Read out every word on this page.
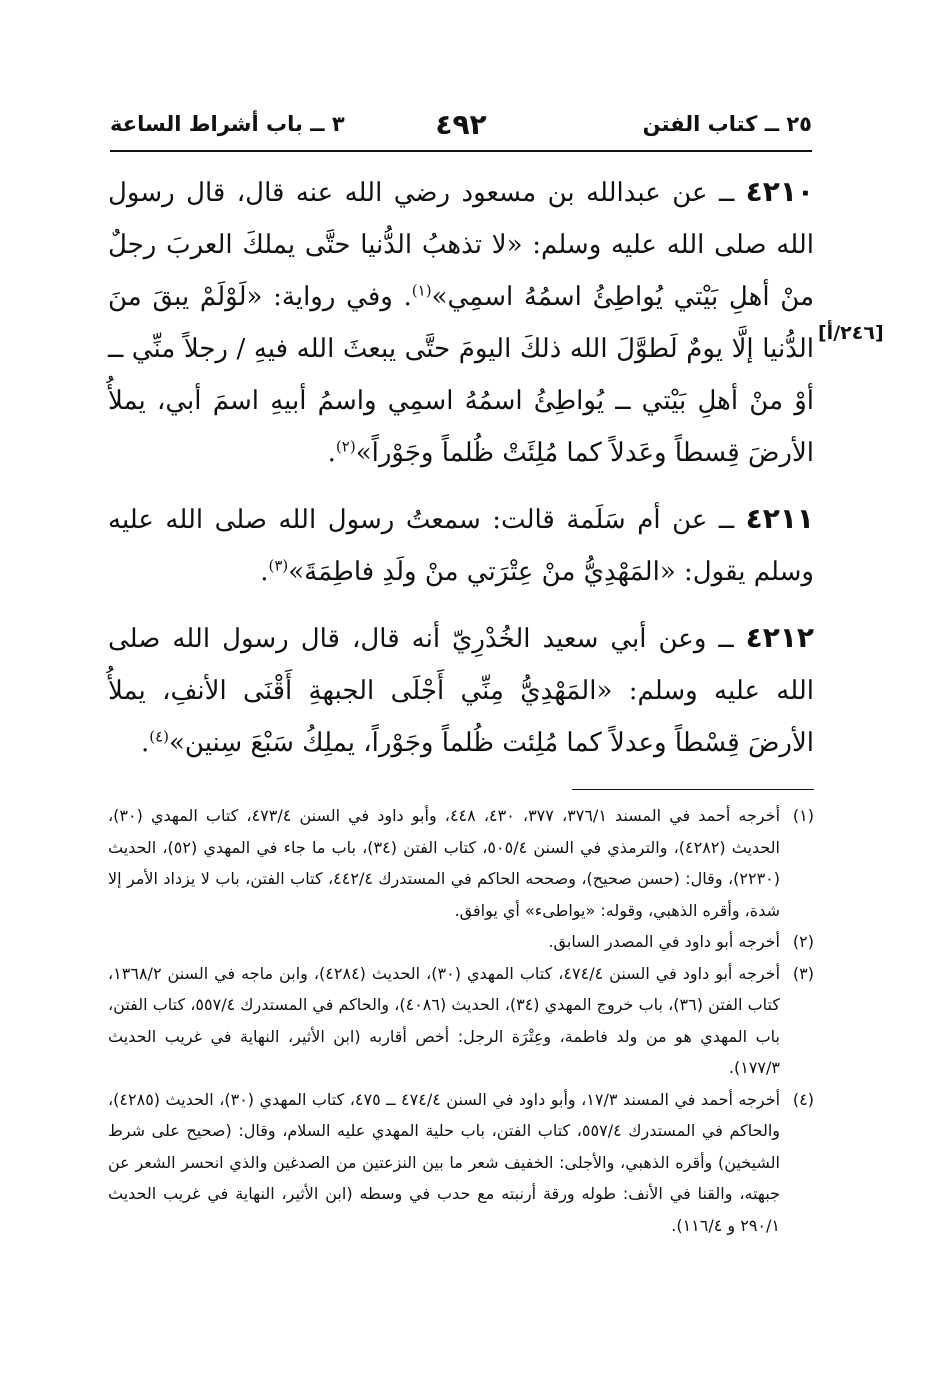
٢٥ ــ كتاب الفتن
٤٩٢
٣ ــ باب أشراط الساعة
[٢٤٦/أ]

٤٢١٠ ــ عن عبدالله بن مسعود رضي الله عنه قال، قال رسول الله صلى الله عليه وسلم: «لا تذهبُ الدُّنيا حتَّى يملكَ العربَ رجلٌ منْ أهلِ بَيْتي يُواطِئُ اسمُهُ اسمِي»$^{(١)}$. وفي رواية: «لَوْلَمْ يبقَ منَ الدُّنيا إلَّا يومٌ لَطوَّلَ الله ذلكَ اليومَ حتَّى يبعثَ الله فيهِ / رجلاً منِّي ــ أوْ منْ أهلِ بَيْتي ــ يُواطِئُ اسمُهُ اسمِي واسمُ أبيهِ اسمَ أبي، يملأُ الأرضَ قِسطاً وعَدلاً كما مُلِئَتْ ظُلماً وجَوْراً»$^{(٢)}$.

٤٢١١ ــ عن أم سَلَمة قالت: سمعتُ رسول الله صلى الله عليه وسلم يقول: «المَهْدِيُّ منْ عِتْرَتي منْ ولَدِ فاطِمَةَ»$^{(٣)}$.

٤٢١٢ ــ وعن أبي سعيد الخُدْرِيّ أنه قال، قال رسول الله صلى الله عليه وسلم: «المَهْدِيُّ مِنِّي أَجْلَى الجبهةِ أَقْنَى الأنفِ، يملأُ الأرضَ قِسْطاً وعدلاً كما مُلِئت ظُلماً وجَوْراً، يملِكُ سَبْعَ سِنين»$^{(٤)}$.

(١)
أخرجه أحمد في المسند ٣٧٦/١، ٣٧٧، ٤٣٠، ٤٤٨، وأبو داود في السنن ٤٧٣/٤، كتاب المهدي (٣٠)، الحديث (٤٢٨٢)، والترمذي في السنن ٥٠٥/٤، كتاب الفتن (٣٤)، باب ما جاء في المهدي (٥٢)، الحديث (٢٢٣٠)، وقال: (حسن صحيح)، وصححه الحاكم في المستدرك ٤٤٢/٤، كتاب الفتن، باب لا يزداد الأمر إلا شدة، وأقره الذهبي، وقوله: «يواطىء» أي يوافق.
(٢)
أخرجه أبو داود في المصدر السابق.
(٣)
أخرجه أبو داود في السنن ٤٧٤/٤، كتاب المهدي (٣٠)، الحديث (٤٢٨٤)، وابن ماجه في السنن ١٣٦٨/٢، كتاب الفتن (٣٦)، باب خروج المهدي (٣٤)، الحديث (٤٠٨٦)، والحاكم في المستدرك ٥٥٧/٤، كتاب الفتن، باب المهدي هو من ولد فاطمة، وعِتْرَة الرجل: أخص أقاربه (ابن الأثير، النهاية في غريب الحديث ١٧٧/٣).
(٤)
أخرجه أحمد في المسند ١٧/٣، وأبو داود في السنن ٤٧٤/٤ ــ ٤٧٥، كتاب المهدي (٣٠)، الحديث (٤٢٨٥)، والحاكم في المستدرك ٥٥٧/٤، كتاب الفتن، باب حلية المهدي عليه السلام، وقال: (صحيح على شرط الشيخين) وأقره الذهبي، والأجلى: الخفيف شعر ما بين النزعتين من الصدغين والذي انحسر الشعر عن جبهته، والقنا في الأنف: طوله ورقة أرنبته مع حدب في وسطه (ابن الأثير، النهاية في غريب الحديث ٢٩٠/١ و ١١٦/٤).
